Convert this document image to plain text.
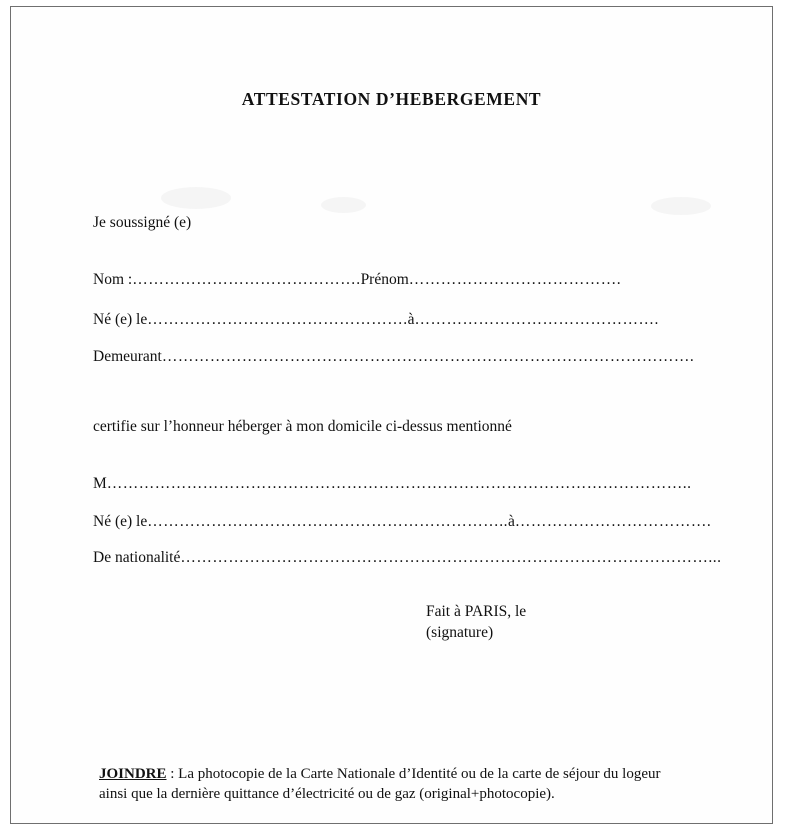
ATTESTATION D’HEBERGEMENT
Je soussigné (e)
Nom :…………………………………….Prénom………………………………….
Né (e) le………………………………………….à……………………………………….
Demeurant……………………………………………………………………………………….
certifie sur l’honneur héberger à mon domicile ci-dessus mentionné
M………………………………………………………………………………………………..
Né (e) le…………………………………………………………..à……………………………….
De nationalité………………………………………………………………………………………...
Fait à PARIS, le
(signature)
JOINDRE : La photocopie de la Carte Nationale d’Identité ou de la carte de séjour du logeur
ainsi que la dernière quittance d’électricité ou de gaz (original+photocopie).
